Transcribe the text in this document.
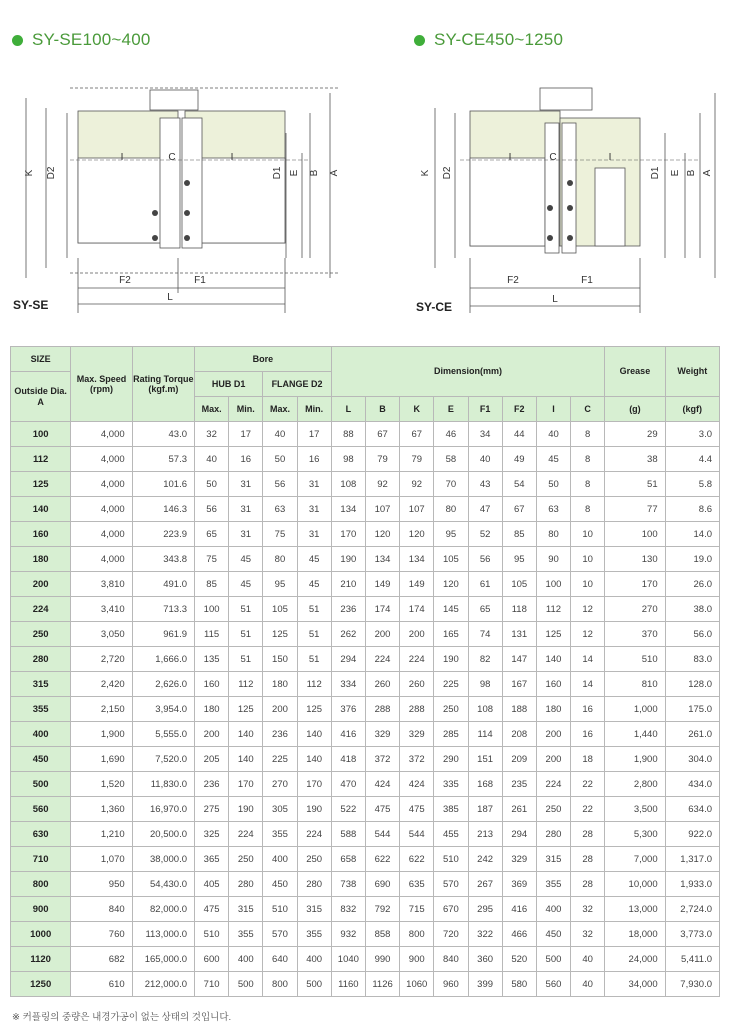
SY-SE100~400	SY-CE450~1250
K D2
I	C	I
D1 E B A
F2	F1
L
K D2
I	C	I
D1 E B A
F2	F1
L
SY-SE	SY-CE
SIZE	Max. Speed (rpm)	Rating Torque (kgf.m)	Bore				Dimension(mm)								Grease	Weight
Outside Dia. A			HUB D1		FLANGE D2											
			Max.	Min.	Max.	Min.	L	B	K	E	F1	F2	I	C	(g)	(kgf)
100	4,000	43.0	32	17	40	17	88	67	67	46	34	44	40	8	29	3.0
112	4,000	57.3	40	16	50	16	98	79	79	58	40	49	45	8	38	4.4
125	4,000	101.6	50	31	56	31	108	92	92	70	43	54	50	8	51	5.8
140	4,000	146.3	56	31	63	31	134	107	107	80	47	67	63	8	77	8.6
160	4,000	223.9	65	31	75	31	170	120	120	95	52	85	80	10	100	14.0
180	4,000	343.8	75	45	80	45	190	134	134	105	56	95	90	10	130	19.0
200	3,810	491.0	85	45	95	45	210	149	149	120	61	105	100	10	170	26.0
224	3,410	713.3	100	51	105	51	236	174	174	145	65	118	112	12	270	38.0
250	3,050	961.9	115	51	125	51	262	200	200	165	74	131	125	12	370	56.0
280	2,720	1,666.0	135	51	150	51	294	224	224	190	82	147	140	14	510	83.0
315	2,420	2,626.0	160	112	180	112	334	260	260	225	98	167	160	14	810	128.0
355	2,150	3,954.0	180	125	200	125	376	288	288	250	108	188	180	16	1,000	175.0
400	1,900	5,555.0	200	140	236	140	416	329	329	285	114	208	200	16	1,440	261.0
450	1,690	7,520.0	205	140	225	140	418	372	372	290	151	209	200	18	1,900	304.0
500	1,520	11,830.0	236	170	270	170	470	424	424	335	168	235	224	22	2,800	434.0
560	1,360	16,970.0	275	190	305	190	522	475	475	385	187	261	250	22	3,500	634.0
630	1,210	20,500.0	325	224	355	224	588	544	544	455	213	294	280	28	5,300	922.0
710	1,070	38,000.0	365	250	400	250	658	622	622	510	242	329	315	28	7,000	1,317.0
800	950	54,430.0	405	280	450	280	738	690	635	570	267	369	355	28	10,000	1,933.0
900	840	82,000.0	475	315	510	315	832	792	715	670	295	416	400	32	13,000	2,724.0
1000	760	113,000.0	510	355	570	355	932	858	800	720	322	466	450	32	18,000	3,773.0
1120	682	165,000.0	600	400	640	400	1040	990	900	840	360	520	500	40	24,000	5,411.0
1250	610	212,000.0	710	500	800	500	1160	1126	1060	960	399	580	560	40	34,000	7,930.0
※ 커플링의 중량은 내경가공이 없는 상태의 것입니다.
